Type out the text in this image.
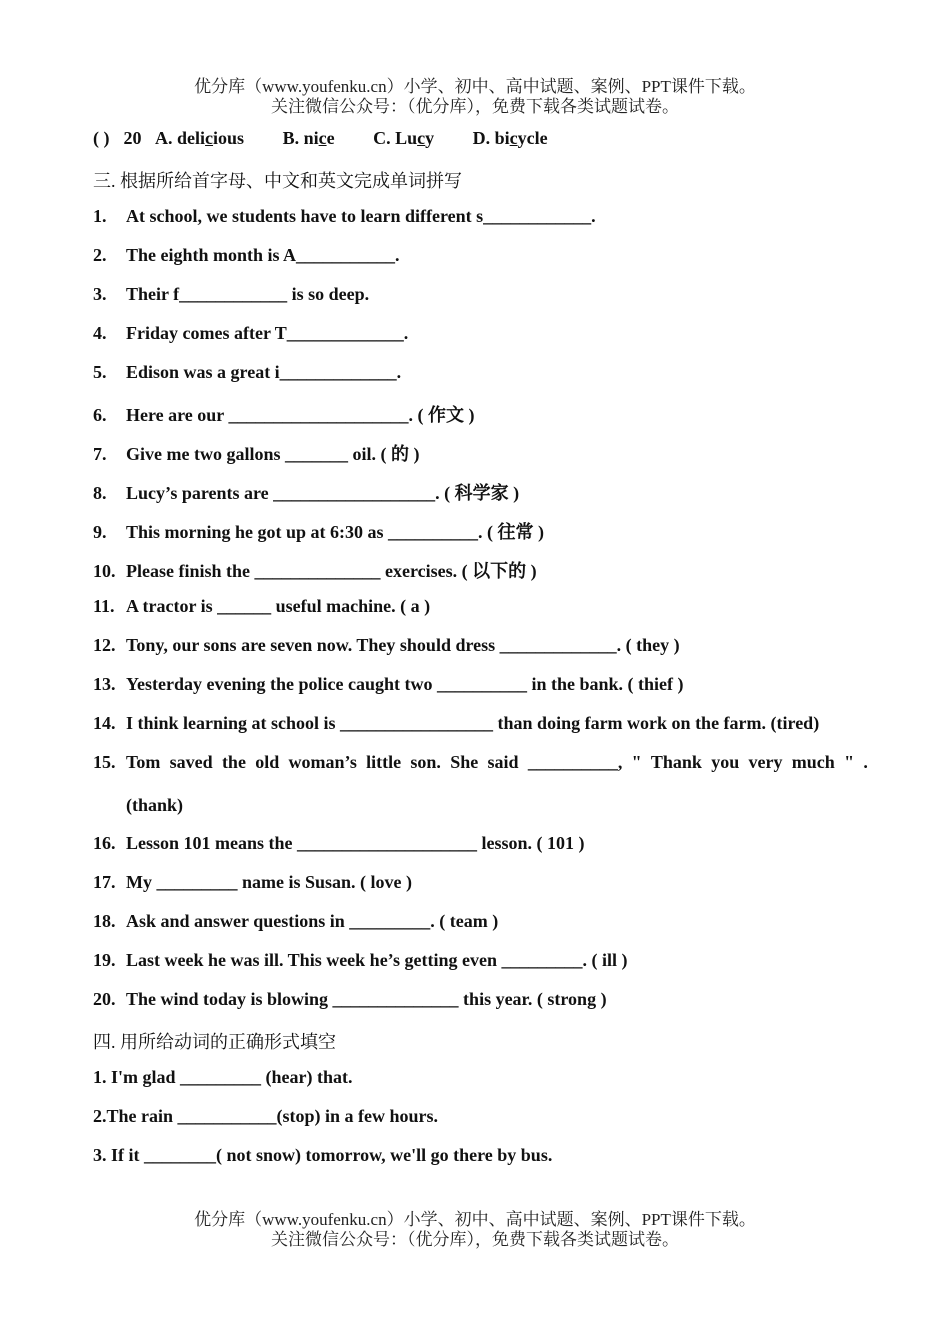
优分库（www.youfenku.cn）小学、初中、高中试题、案例、PPT课件下载。
关注微信公众号：（优分库），免费下载各类试题试卷。
( ) 20 A. delicious B. nice C. Lucy D. bicycle
三. 根据所给首字母、中文和英文完成单词拼写
1. At school, we students have to learn different s____________.
2. The eighth month is A___________.
3. Their f____________ is so deep.
4. Friday comes after T_____________.
5. Edison was a great i_____________.
6. Here are our ____________________. ( 作文 )
7. Give me two gallons _______ oil. ( 的 )
8. Lucy’s parents are __________________. ( 科学家 )
9. This morning he got up at 6:30 as __________. ( 往常 )
10. Please finish the ______________ exercises. ( 以下的 )
11. A tractor is ______ useful machine. ( a )
12. Tony, our sons are seven now. They should dress _____________. ( they )
13. Yesterday evening the police caught two __________ in the bank. ( thief )
14. I think learning at school is _________________ than doing farm work on the farm. (tired)
15. Tom saved the old woman’s little son. She said __________, " Thank you very much " .
(thank)
16. Lesson 101 means the ____________________ lesson. ( 101 )
17. My _________ name is Susan. ( love )
18. Ask and answer questions in _________. ( team )
19. Last week he was ill. This week he’s getting even _________. ( ill )
20. The wind today is blowing ______________ this year. ( strong )
四. 用所给动词的正确形式填空
1. I'm glad _________ (hear) that.
2.The rain ___________(stop) in a few hours.
3. If it ________( not snow) tomorrow, we'll go there by bus.
优分库（www.youfenku.cn）小学、初中、高中试题、案例、PPT课件下载。
关注微信公众号：（优分库），免费下载各类试题试卷。
